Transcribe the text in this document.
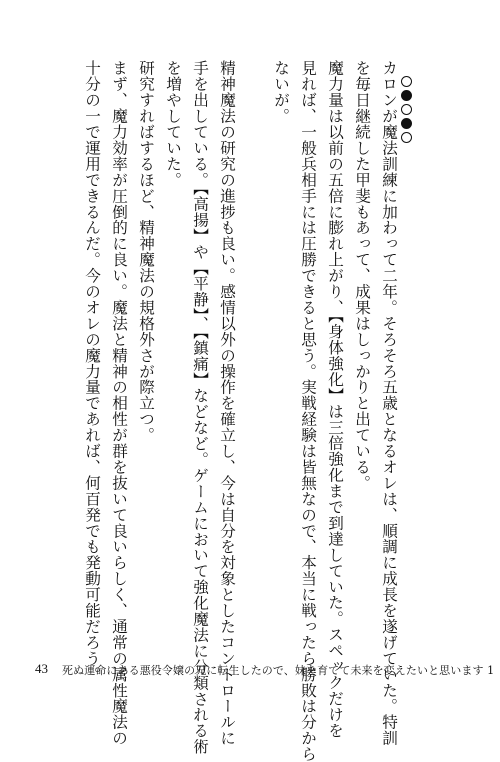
カロンが魔法訓練に加わって二年。そろそろ五歳となるオレは、順調に成長を遂げていた。特訓
を毎日継続した甲斐もあって、成果はしっかりと出ている。
魔力量は以前の五倍に膨れ上がり、【身体強化】は三倍強化まで到達していた。スペックだけを
見れば、一般兵相手には圧勝できると思う。実戦経験は皆無なので、本当に戦ったら勝敗は分から
ないが。

精神魔法の研究の進捗も良い。感情以外の操作を確立し、今は自分を対象としたコントロールに
手を出している。【高揚】や【平静】、【鎮痛】などなど。ゲームにおいて強化魔法に分類される術
を増やしていた。
研究すればするほど、精神魔法の規格外さが際立つ。
まず、魔力効率が圧倒的に良い。魔法と精神の相性が群を抜いて良いらしく、通常の属性魔法の
十分の一で運用できるんだ。今のオレの魔力量であれば、何百発でも発動可能だろう。
43 死ぬ運命にある悪役令嬢の兄に転生したので、妹を育てて未来を変えたいと思います 1
